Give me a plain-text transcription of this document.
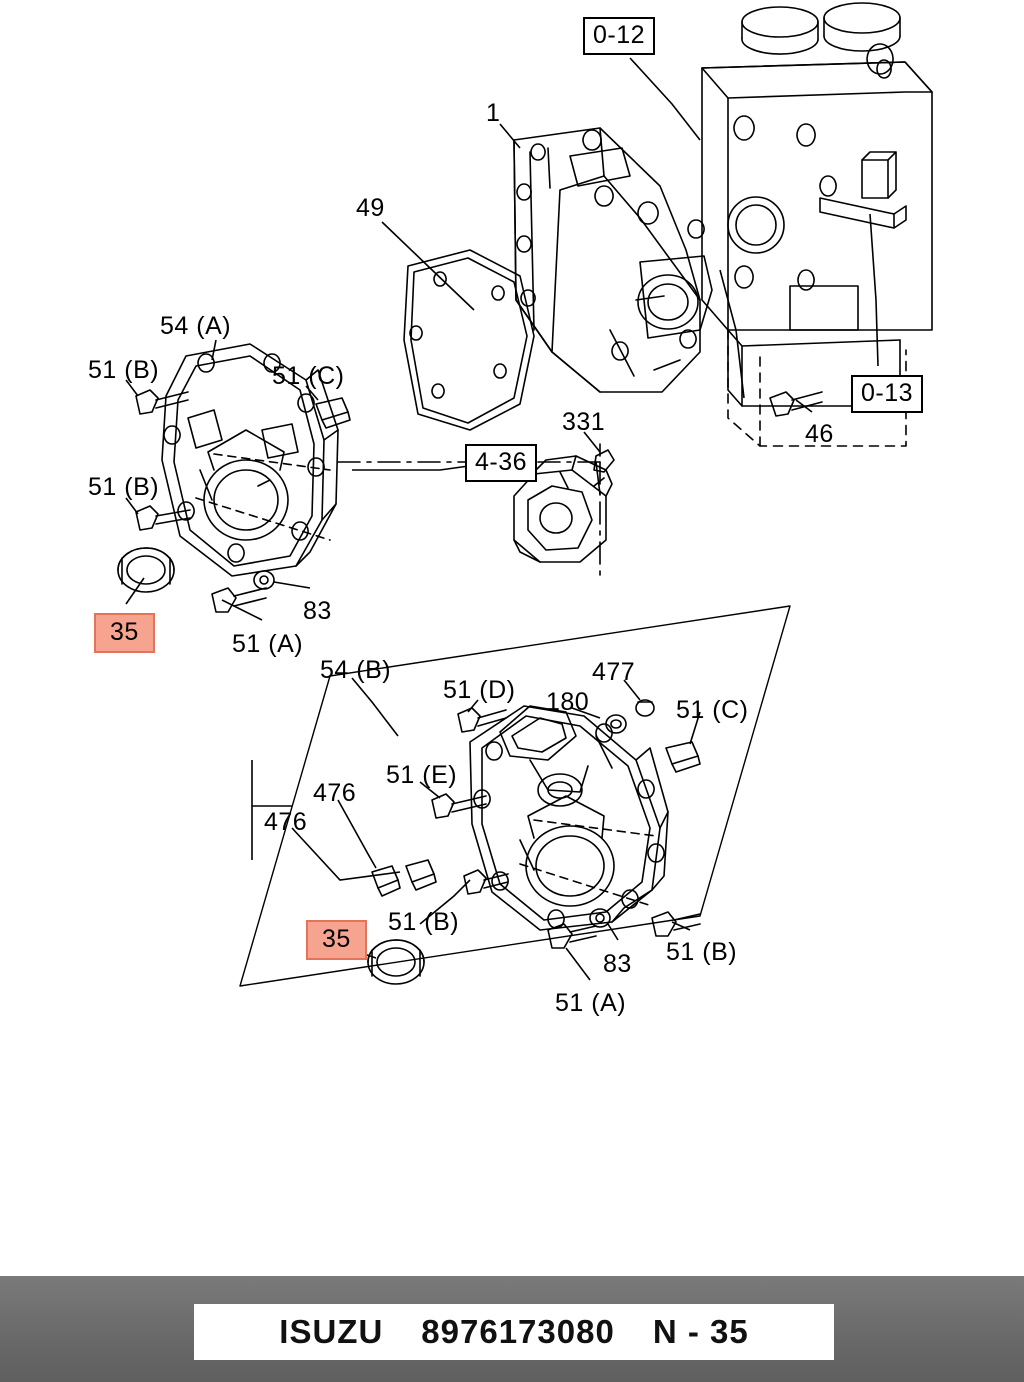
0-12
1
49
54 (A)
51 (B)	51 (C)
0-13
331	46
4-36
51 (B)
83
35	51 (A)
54 (B)	477
51 (D) 180	51 (C)
51 (E)
476
476
51 (B)
35
83 51 (B)
51 (A)
ISUZU 8976173080 N - 35
